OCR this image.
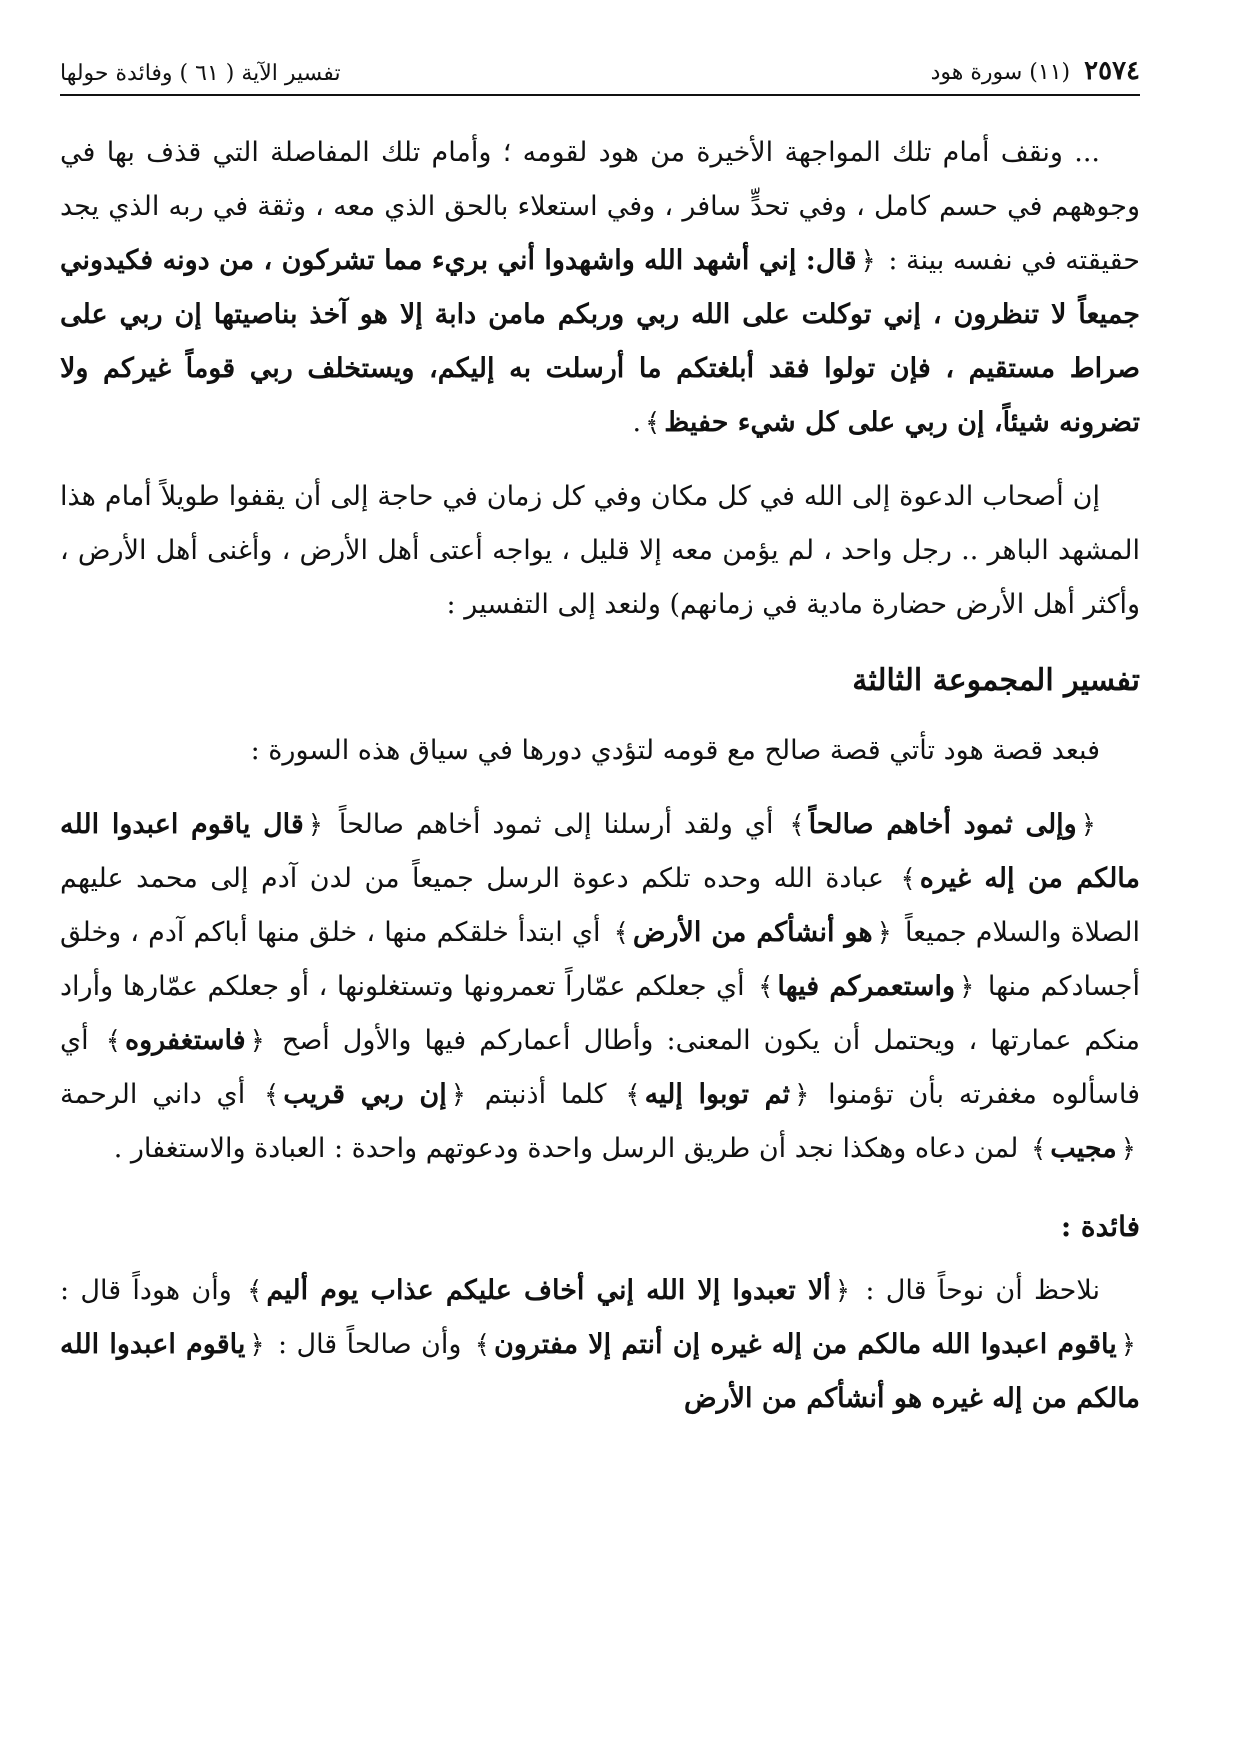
٢٥٧٤
(١١) سورة هود
تفسير الآية ( ٦١ ) وفائدة حولها

... ونقف أمام تلك المواجهة الأخيرة من هود لقومه ؛ وأمام تلك المفاصلة التي قذف بها في وجوههم في حسم كامل ، وفي تحدٍّ سافر ، وفي استعلاء بالحق الذي معه ، وثقة في ربه الذي يجد حقيقته في نفسه بينة : ﴿قال: إني أشهد الله واشهدوا أني بريء مما تشركون ، من دونه فكيدوني جميعاً لا تنظرون ، إني توكلت على الله ربي وربكم مامن دابة إلا هو آخذ بناصيتها إن ربي على صراط مستقيم ، فإن تولوا فقد أبلغتكم ما أرسلت به إليكم، ويستخلف ربي قوماً غيركم ولا تضرونه شيئاً، إن ربي على كل شيء حفيظ﴾.

إن أصحاب الدعوة إلى الله في كل مكان وفي كل زمان في حاجة إلى أن يقفوا طويلاً أمام هذا المشهد الباهر .. رجل واحد ، لم يؤمن معه إلا قليل ، يواجه أعتى أهل الأرض ، وأغنى أهل الأرض ، وأكثر أهل الأرض حضارة مادية في زمانهم) ولنعد إلى التفسير :

تفسير المجموعة الثالثة

فبعد قصة هود تأتي قصة صالح مع قومه لتؤدي دورها في سياق هذه السورة :

﴿وإلى ثمود أخاهم صالحاً﴾ أي ولقد أرسلنا إلى ثمود أخاهم صالحاً ﴿قال ياقوم اعبدوا الله مالكم من إله غيره﴾ عبادة الله وحده تلكم دعوة الرسل جميعاً من لدن آدم إلى محمد عليهم الصلاة والسلام جميعاً ﴿هو أنشأكم من الأرض﴾ أي ابتدأ خلقكم منها ، خلق منها أباكم آدم ، وخلق أجسادكم منها ﴿واستعمركم فيها﴾ أي جعلكم عمّاراً تعمرونها وتستغلونها ، أو جعلكم عمّارها وأراد منكم عمارتها ، ويحتمل أن يكون المعنى: وأطال أعماركم فيها والأول أصح ﴿فاستغفروه﴾ أي فاسألوه مغفرته بأن تؤمنوا ﴿ثم توبوا إليه﴾ كلما أذنبتم ﴿إن ربي قريب﴾ أي داني الرحمة ﴿مجيب﴾ لمن دعاه وهكذا نجد أن طريق الرسل واحدة ودعوتهم واحدة : العبادة والاستغفار .

فائدة :

نلاحظ أن نوحاً قال : ﴿ألا تعبدوا إلا الله إني أخاف عليكم عذاب يوم أليم﴾ وأن هوداً قال : ﴿ياقوم اعبدوا الله مالكم من إله غيره إن أنتم إلا مفترون﴾ وأن صالحاً قال : ﴿ياقوم اعبدوا الله مالكم من إله غيره هو أنشأكم من الأرض
